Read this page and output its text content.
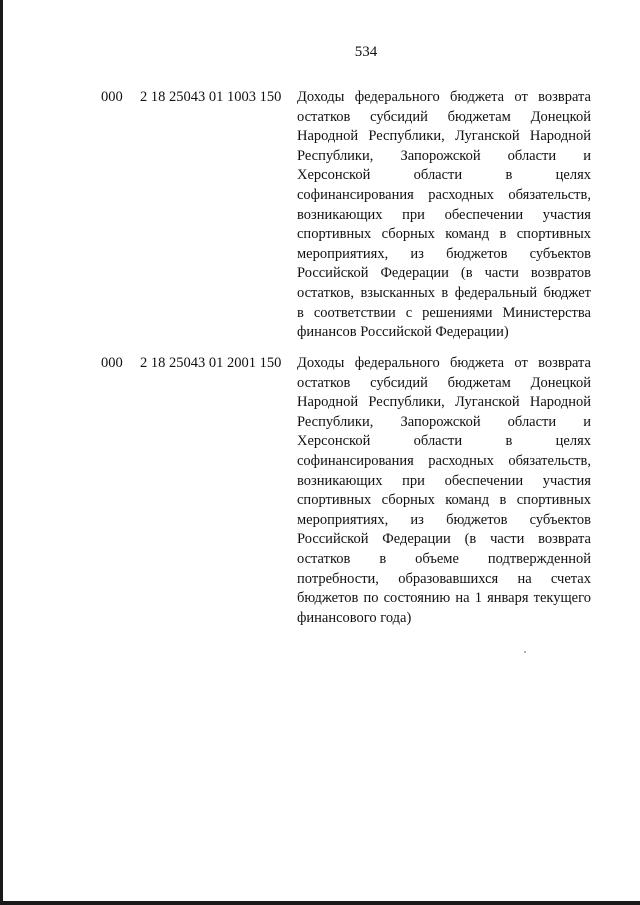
534
000 2 18 25043 01 1003 150 Доходы федерального бюджета от возврата
остатков субсидий бюджетам Донецкой
Народной Республики, Луганской Народной
Республики, Запорожской области и
Херсонской	области	в	целях
софинансирования расходных обязательств,
возникающих при обеспечении участия
спортивных сборных команд в спортивных
мероприятиях, из бюджетов субъектов
Российской Федерации (в части возвратов
остатков, взысканных в федеральный бюджет
в соответствии с решениями Министерства
финансов Российской Федерации)
000 2 18 25043 01 2001 150 Доходы федерального бюджета от возврата
остатков субсидий бюджетам Донецкой
Народной Республики, Луганской Народной
Республики, Запорожской области и
Херсонской	области	в	целях
софинансирования расходных обязательств,
возникающих при обеспечении участия
спортивных сборных команд в спортивных
мероприятиях, из бюджетов субъектов
Российской Федерации (в части возврата
остатков в объеме подтвержденной
потребности, образовавшихся на счетах
бюджетов по состоянию на 1 января текущего
финансового года)
